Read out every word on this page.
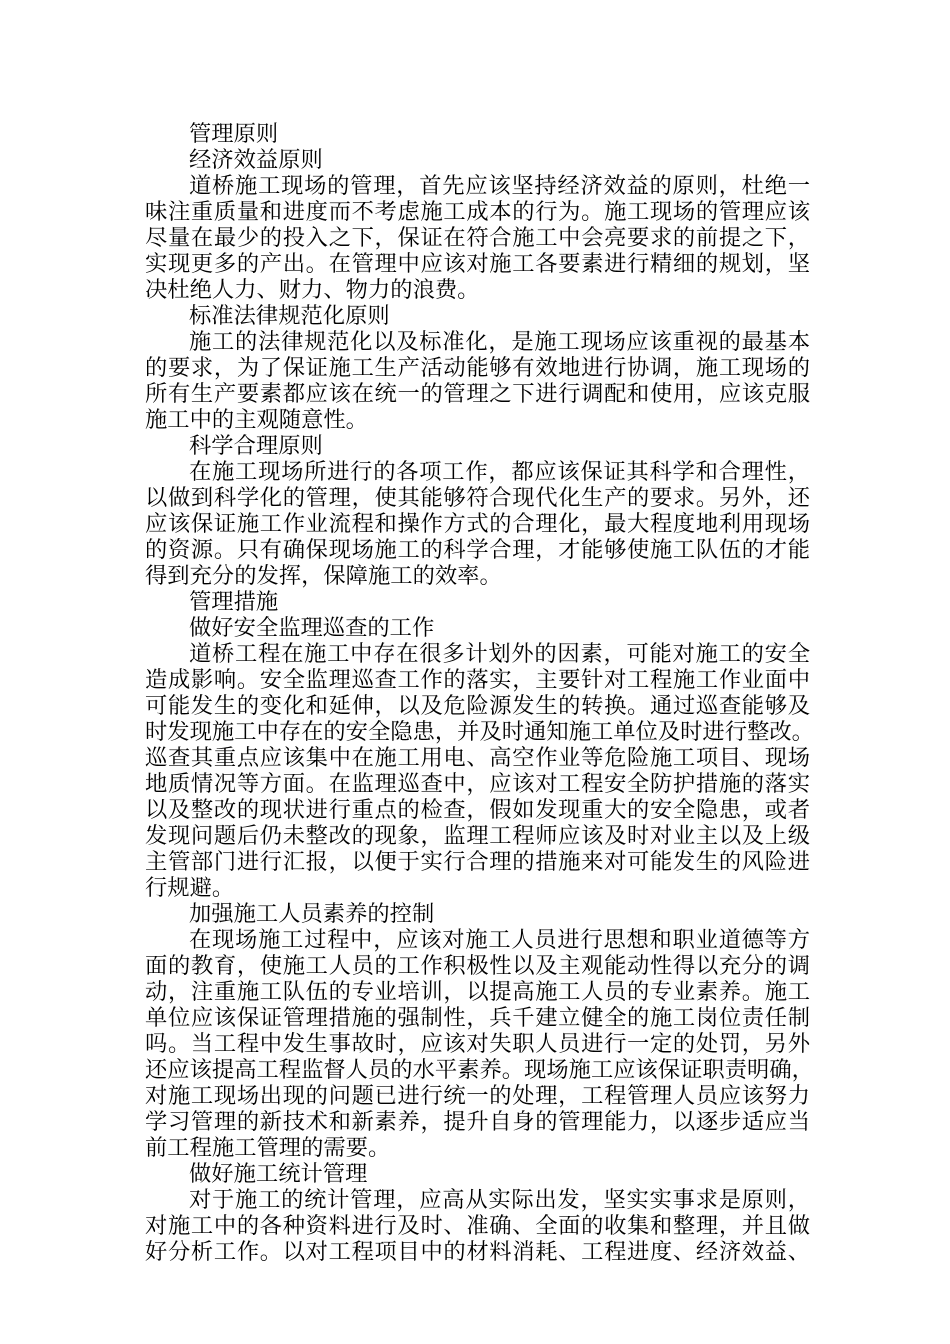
管理原则
经济效益原则
道桥施工现场的管理，首先应该坚持经济效益的原则，杜绝一
味注重质量和进度而不考虑施工成本的行为。施工现场的管理应该
尽量在最少的投入之下，保证在符合施工中会亮要求的前提之下，
实现更多的产出。在管理中应该对施工各要素进行精细的规划，坚
决杜绝人力、财力、物力的浪费。
标准法律规范化原则
施工的法律规范化以及标准化，是施工现场应该重视的最基本
的要求，为了保证施工生产活动能够有效地进行协调，施工现场的
所有生产要素都应该在统一的管理之下进行调配和使用，应该克服
施工中的主观随意性。
科学合理原则
在施工现场所进行的各项工作，都应该保证其科学和合理性，
以做到科学化的管理，使其能够符合现代化生产的要求。另外，还
应该保证施工作业流程和操作方式的合理化，最大程度地利用现场
的资源。只有确保现场施工的科学合理，才能够使施工队伍的才能
得到充分的发挥，保障施工的效率。
管理措施
做好安全监理巡查的工作
道桥工程在施工中存在很多计划外的因素，可能对施工的安全
造成影响。安全监理巡查工作的落实，主要针对工程施工作业面中
可能发生的变化和延伸，以及危险源发生的转换。通过巡查能够及
时发现施工中存在的安全隐患，并及时通知施工单位及时进行整改。
巡查其重点应该集中在施工用电、高空作业等危险施工项目、现场
地质情况等方面。在监理巡查中，应该对工程安全防护措施的落实
以及整改的现状进行重点的检查，假如发现重大的安全隐患，或者
发现问题后仍未整改的现象，监理工程师应该及时对业主以及上级
主管部门进行汇报，以便于实行合理的措施来对可能发生的风险进
行规避。
加强施工人员素养的控制
在现场施工过程中，应该对施工人员进行思想和职业道德等方
面的教育，使施工人员的工作积极性以及主观能动性得以充分的调
动，注重施工队伍的专业培训，以提高施工人员的专业素养。施工
单位应该保证管理措施的强制性，兵千建立健全的施工岗位责任制
吗。当工程中发生事故时，应该对失职人员进行一定的处罚，另外
还应该提高工程监督人员的水平素养。现场施工应该保证职责明确，
对施工现场出现的问题已进行统一的处理，工程管理人员应该努力
学习管理的新技术和新素养，提升自身的管理能力，以逐步适应当
前工程施工管理的需要。
做好施工统计管理
对于施工的统计管理，应高从实际出发，坚实实事求是原则，
对施工中的各种资料进行及时、准确、全面的收集和整理，并且做
好分析工作。以对工程项目中的材料消耗、工程进度、经济效益、
